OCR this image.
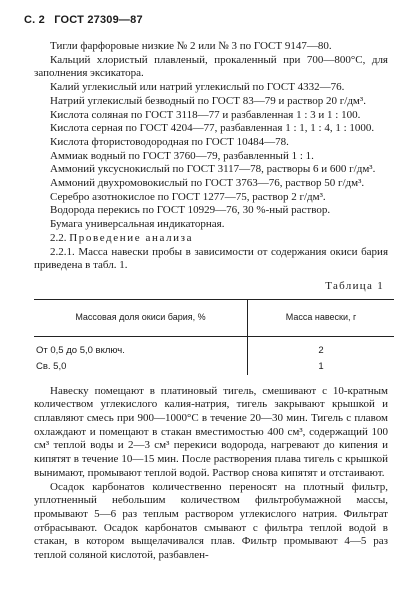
С. 2 ГОСТ 27309—87

Тигли фарфоровые низкие № 2 или № 3 по ГОСТ 9147—80.

Кальций хлористый плавленый, прокаленный при 700—800°С, для заполнения эксикатора.

Калий углекислый или натрий углекислый по ГОСТ 4332—76.

Натрий углекислый безводный по ГОСТ 83—79 и раствор 20 г/дм³.

Кислота соляная по ГОСТ 3118—77 и разбавленная 1 : 3 и 1 : 100.

Кислота серная по ГОСТ 4204—77, разбавленная 1 : 1, 1 : 4, 1 : 1000.

Кислота фтористоводородная по ГОСТ 10484—78.

Аммиак водный по ГОСТ 3760—79, разбавленный 1 : 1.

Аммоний уксуснокислый по ГОСТ 3117—78, растворы 6 и 600 г/дм³.

Аммоний двухромовокислый по ГОСТ 3763—76, раствор 50 г/дм³.

Серебро азотнокислое по ГОСТ 1277—75, раствор 2 г/дм³.

Водорода перекись по ГОСТ 10929—76, 30 %-ный раствор.

Бумага универсальная индикаторная.

2.2. Проведение анализа

2.2.1. Масса навески пробы в зависимости от содержания окиси бария приведена в табл. 1.

Таблица 1
Массовая доля окиси бария, %	Масса навески, г
От 0,5 до 5,0 включ.	2
Св. 5,0	1

Навеску помещают в платиновый тигель, смешивают с 10-кратным количеством углекислого калия-натрия, тигель закрывают крышкой и сплавляют смесь при 900—1000°С в течение 20—30 мин. Тигель с плавом охлаждают и помещают в стакан вместимостью 400 см³, содержащий 100 см³ теплой воды и 2—3 см³ перекиси водорода, нагревают до кипения и кипятят в течение 10—15 мин. После растворения плава тигель с крышкой вынимают, промывают теплой водой. Раствор снова кипятят и отстаивают.

Осадок карбонатов количественно переносят на плотный фильтр, уплотненный небольшим количеством фильтробумажной массы, промывают 5—6 раз теплым раствором углекислого натрия. Фильтрат отбрасывают. Осадок карбонатов смывают с фильтра теплой водой в стакан, в котором выщелачивался плав. Фильтр промывают 4—5 раз теплой соляной кислотой, разбавлен-
